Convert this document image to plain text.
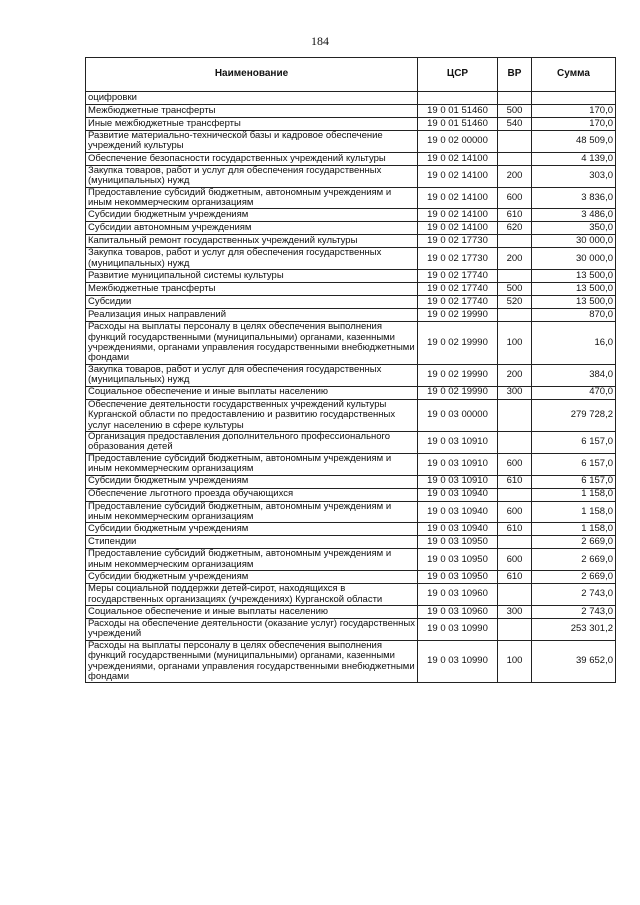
184
Наименование	ЦСР	ВР	Сумма
оцифровки			
Межбюджетные трансферты	19 0 01 51460	500	170,0
Иные межбюджетные трансферты	19 0 01 51460	540	170,0
Развитие материально-технической базы и кадровое обеспечение учреждений культуры	19 0 02 00000		48 509,0
Обеспечение безопасности государственных учреждений культуры	19 0 02 14100		4 139,0
Закупка товаров, работ и услуг для обеспечения государственных (муниципальных) нужд	19 0 02 14100	200	303,0
Предоставление субсидий бюджетным, автономным учреждениям и иным некоммерческим организациям	19 0 02 14100	600	3 836,0
Субсидии бюджетным учреждениям	19 0 02 14100	610	3 486,0
Субсидии автономным учреждениям	19 0 02 14100	620	350,0
Капитальный ремонт государственных учреждений культуры	19 0 02 17730		30 000,0
Закупка товаров, работ и услуг для обеспечения государственных (муниципальных) нужд	19 0 02 17730	200	30 000,0
Развитие муниципальной системы культуры	19 0 02 17740		13 500,0
Межбюджетные трансферты	19 0 02 17740	500	13 500,0
Субсидии	19 0 02 17740	520	13 500,0
Реализация иных направлений	19 0 02 19990		870,0
Расходы на выплаты персоналу в целях обеспечения выполнения функций государственными (муниципальными) органами, казенными учреждениями, органами управления государственными внебюджетными фондами	19 0 02 19990	100	16,0
Закупка товаров, работ и услуг для обеспечения государственных (муниципальных) нужд	19 0 02 19990	200	384,0
Социальное обеспечение и иные выплаты населению	19 0 02 19990	300	470,0
Обеспечение деятельности государственных учреждений культуры Курганской области по предоставлению и развитию государственных услуг населению в сфере культуры	19 0 03 00000		279 728,2
Организация предоставления дополнительного профессионального образования детей	19 0 03 10910		6 157,0
Предоставление субсидий бюджетным, автономным учреждениям и иным некоммерческим организациям	19 0 03 10910	600	6 157,0
Субсидии бюджетным учреждениям	19 0 03 10910	610	6 157,0
Обеспечение льготного проезда обучающихся	19 0 03 10940		1 158,0
Предоставление субсидий бюджетным, автономным учреждениям и иным некоммерческим организациям	19 0 03 10940	600	1 158,0
Субсидии бюджетным учреждениям	19 0 03 10940	610	1 158,0
Стипендии	19 0 03 10950		2 669,0
Предоставление субсидий бюджетным, автономным учреждениям и иным некоммерческим организациям	19 0 03 10950	600	2 669,0
Субсидии бюджетным учреждениям	19 0 03 10950	610	2 669,0
Меры социальной поддержки детей-сирот, находящихся в государственных организациях (учреждениях) Курганской области	19 0 03 10960		2 743,0
Социальное обеспечение и иные выплаты населению	19 0 03 10960	300	2 743,0
Расходы на обеспечение деятельности (оказание услуг) государственных учреждений	19 0 03 10990		253 301,2
Расходы на выплаты персоналу в целях обеспечения выполнения функций государственными (муниципальными) органами, казенными учреждениями, органами управления государственными внебюджетными фондами	19 0 03 10990	100	39 652,0
